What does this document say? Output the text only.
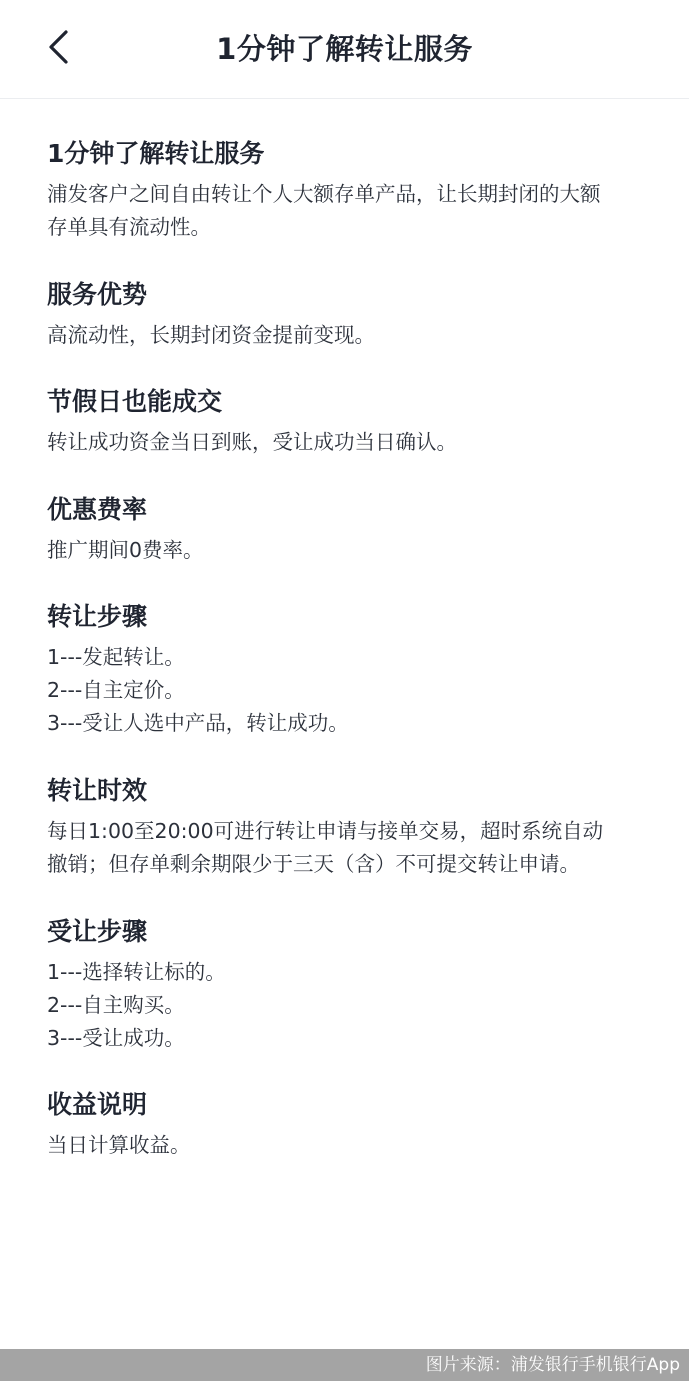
1分钟了解转让服务
1分钟了解转让服务
浦发客户之间自由转让个人大额存单产品，让长期封闭的大额
存单具有流动性。
服务优势
高流动性，长期封闭资金提前变现。
节假日也能成交
转让成功资金当日到账，受让成功当日确认。
优惠费率
推广期间0费率。
转让步骤
1---发起转让。
2---自主定价。
3---受让人选中产品，转让成功。
转让时效
每日1:00至20:00可进行转让申请与接单交易，超时系统自动
撤销；但存单剩余期限少于三天（含）不可提交转让申请。
受让步骤
1---选择转让标的。
2---自主购买。
3---受让成功。
收益说明
当日计算收益。
图片来源：浦发银行手机银行App
